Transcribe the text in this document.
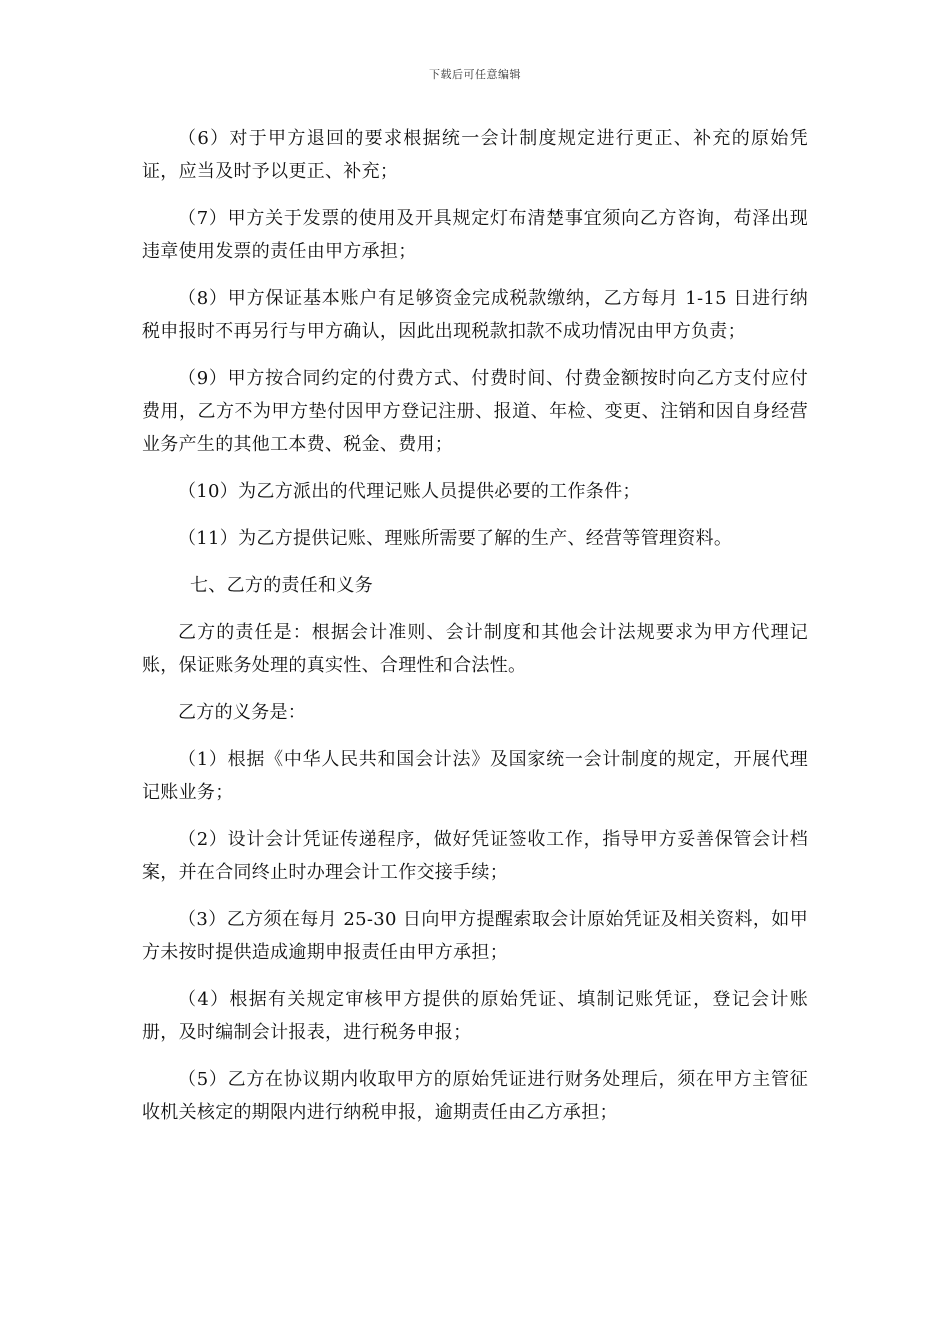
下载后可任意编辑

（6）对于甲方退回的要求根据统一会计制度规定进行更正、补充的原始凭证，应当及时予以更正、补充；

（7）甲方关于发票的使用及开具规定灯布清楚事宜须向乙方咨询，苟泽出现违章使用发票的责任由甲方承担；

（8）甲方保证基本账户有足够资金完成税款缴纳，乙方每月 1-15 日进行纳税申报时不再另行与甲方确认，因此出现税款扣款不成功情况由甲方负责；

（9）甲方按合同约定的付费方式、付费时间、付费金额按时向乙方支付应付费用，乙方不为甲方垫付因甲方登记注册、报道、年检、变更、注销和因自身经营业务产生的其他工本费、税金、费用；

（10）为乙方派出的代理记账人员提供必要的工作条件；

（11）为乙方提供记账、理账所需要了解的生产、经营等管理资料。

七、乙方的责任和义务

乙方的责任是：根据会计准则、会计制度和其他会计法规要求为甲方代理记账，保证账务处理的真实性、合理性和合法性。

乙方的义务是：

（1）根据《中华人民共和国会计法》及国家统一会计制度的规定，开展代理记账业务；

（2）设计会计凭证传递程序，做好凭证签收工作，指导甲方妥善保管会计档案，并在合同终止时办理会计工作交接手续；

（3）乙方须在每月 25-30 日向甲方提醒索取会计原始凭证及相关资料，如甲方未按时提供造成逾期申报责任由甲方承担；

（4）根据有关规定审核甲方提供的原始凭证、填制记账凭证，登记会计账册，及时编制会计报表，进行税务申报；

（5）乙方在协议期内收取甲方的原始凭证进行财务处理后，须在甲方主管征收机关核定的期限内进行纳税申报，逾期责任由乙方承担；
